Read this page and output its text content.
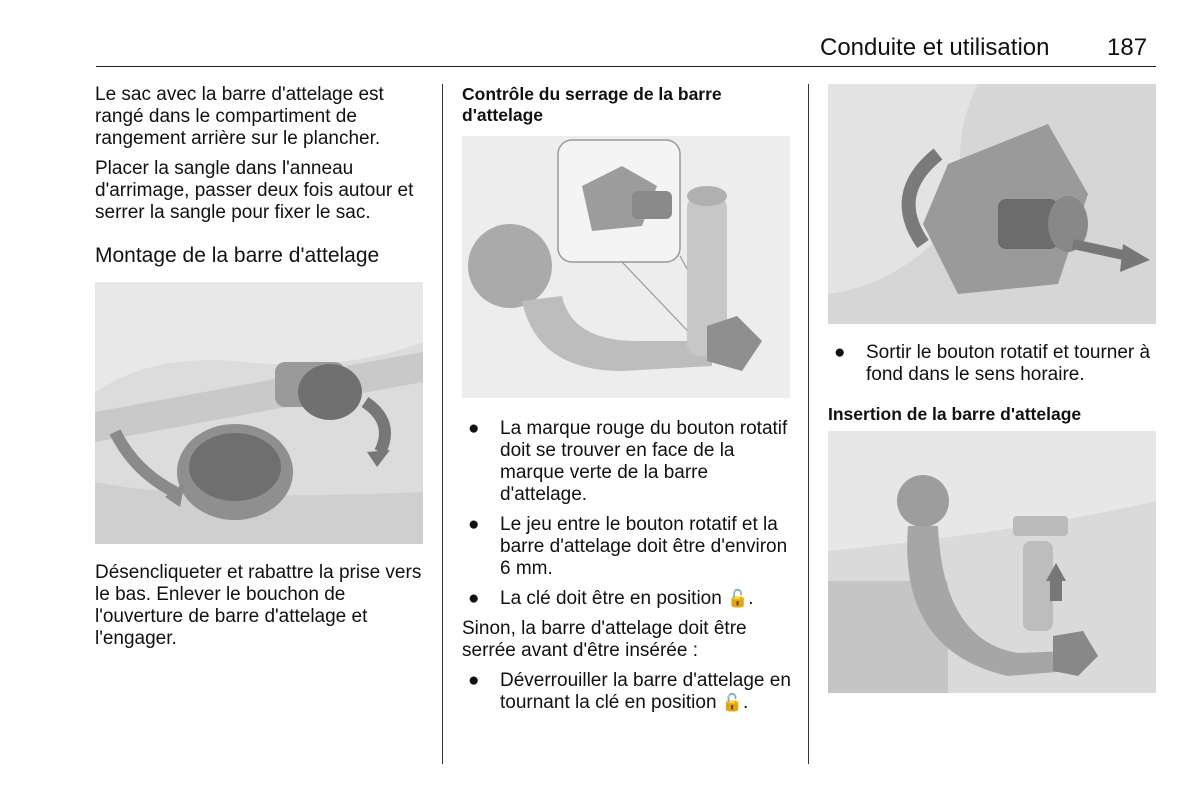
Conduite et utilisation 187

Le sac avec la barre d'attelage est rangé dans le compartiment de rangement arrière sur le plancher.

Placer la sangle dans l'anneau d'arrimage, passer deux fois autour et serrer la sangle pour fixer le sac.

Montage de la barre d'attelage

Désencliqueter et rabattre la prise vers le bas. Enlever le bouchon de l'ouverture de barre d'attelage et l'engager.

Contrôle du serrage de la barre d'attelage
● La marque rouge du bouton rotatif doit se trouver en face de la marque verte de la barre d'attelage.
● Le jeu entre le bouton rotatif et la barre d'attelage doit être d'environ 6 mm.
● La clé doit être en position 🔓.

Sinon, la barre d'attelage doit être serrée avant d'être insérée :

● Déverrouiller la barre d'attelage en tournant la clé en position 🔓.
● Sortir le bouton rotatif et tourner à fond dans le sens horaire.
Insertion de la barre d'attelage
